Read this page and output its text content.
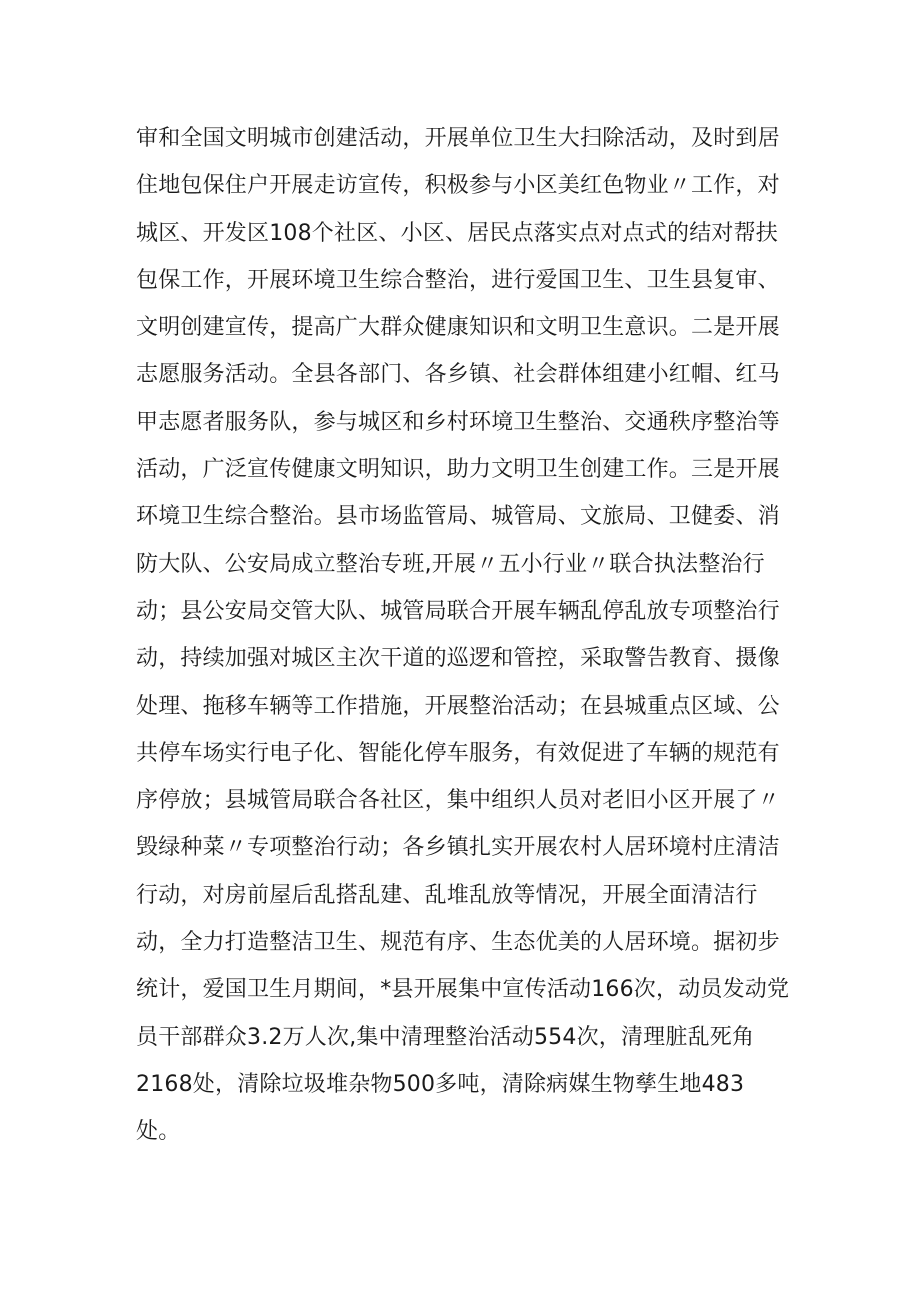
审和全国文明城市创建活动，开展单位卫生大扫除活动，及时到居
住地包保住户开展走访宣传，积极参与小区美红色物业〃工作，对
城区、开发区108个社区、小区、居民点落实点对点式的结对帮扶
包保工作，开展环境卫生综合整治，进行爱国卫生、卫生县复审、
文明创建宣传，提高广大群众健康知识和文明卫生意识。二是开展
志愿服务活动。全县各部门、各乡镇、社会群体组建小红帽、红马
甲志愿者服务队，参与城区和乡村环境卫生整治、交通秩序整治等
活动，广泛宣传健康文明知识，助力文明卫生创建工作。三是开展
环境卫生综合整治。县市场监管局、城管局、文旅局、卫健委、消
防大队、公安局成立整治专班,开展〃五小行业〃联合执法整治行
动；县公安局交管大队、城管局联合开展车辆乱停乱放专项整治行
动，持续加强对城区主次干道的巡逻和管控，采取警告教育、摄像
处理、拖移车辆等工作措施，开展整治活动；在县城重点区域、公
共停车场实行电子化、智能化停车服务，有效促进了车辆的规范有
序停放；县城管局联合各社区，集中组织人员对老旧小区开展了〃
毁绿种菜〃专项整治行动；各乡镇扎实开展农村人居环境村庄清洁
行动，对房前屋后乱搭乱建、乱堆乱放等情况，开展全面清洁行
动，全力打造整洁卫生、规范有序、生态优美的人居环境。据初步
统计，爱国卫生月期间，*县开展集中宣传活动166次，动员发动党
员干部群众3.2万人次,集中清理整治活动554次，清理脏乱死角
2168处，清除垃圾堆杂物500多吨，清除病媒生物孳生地483
处。
